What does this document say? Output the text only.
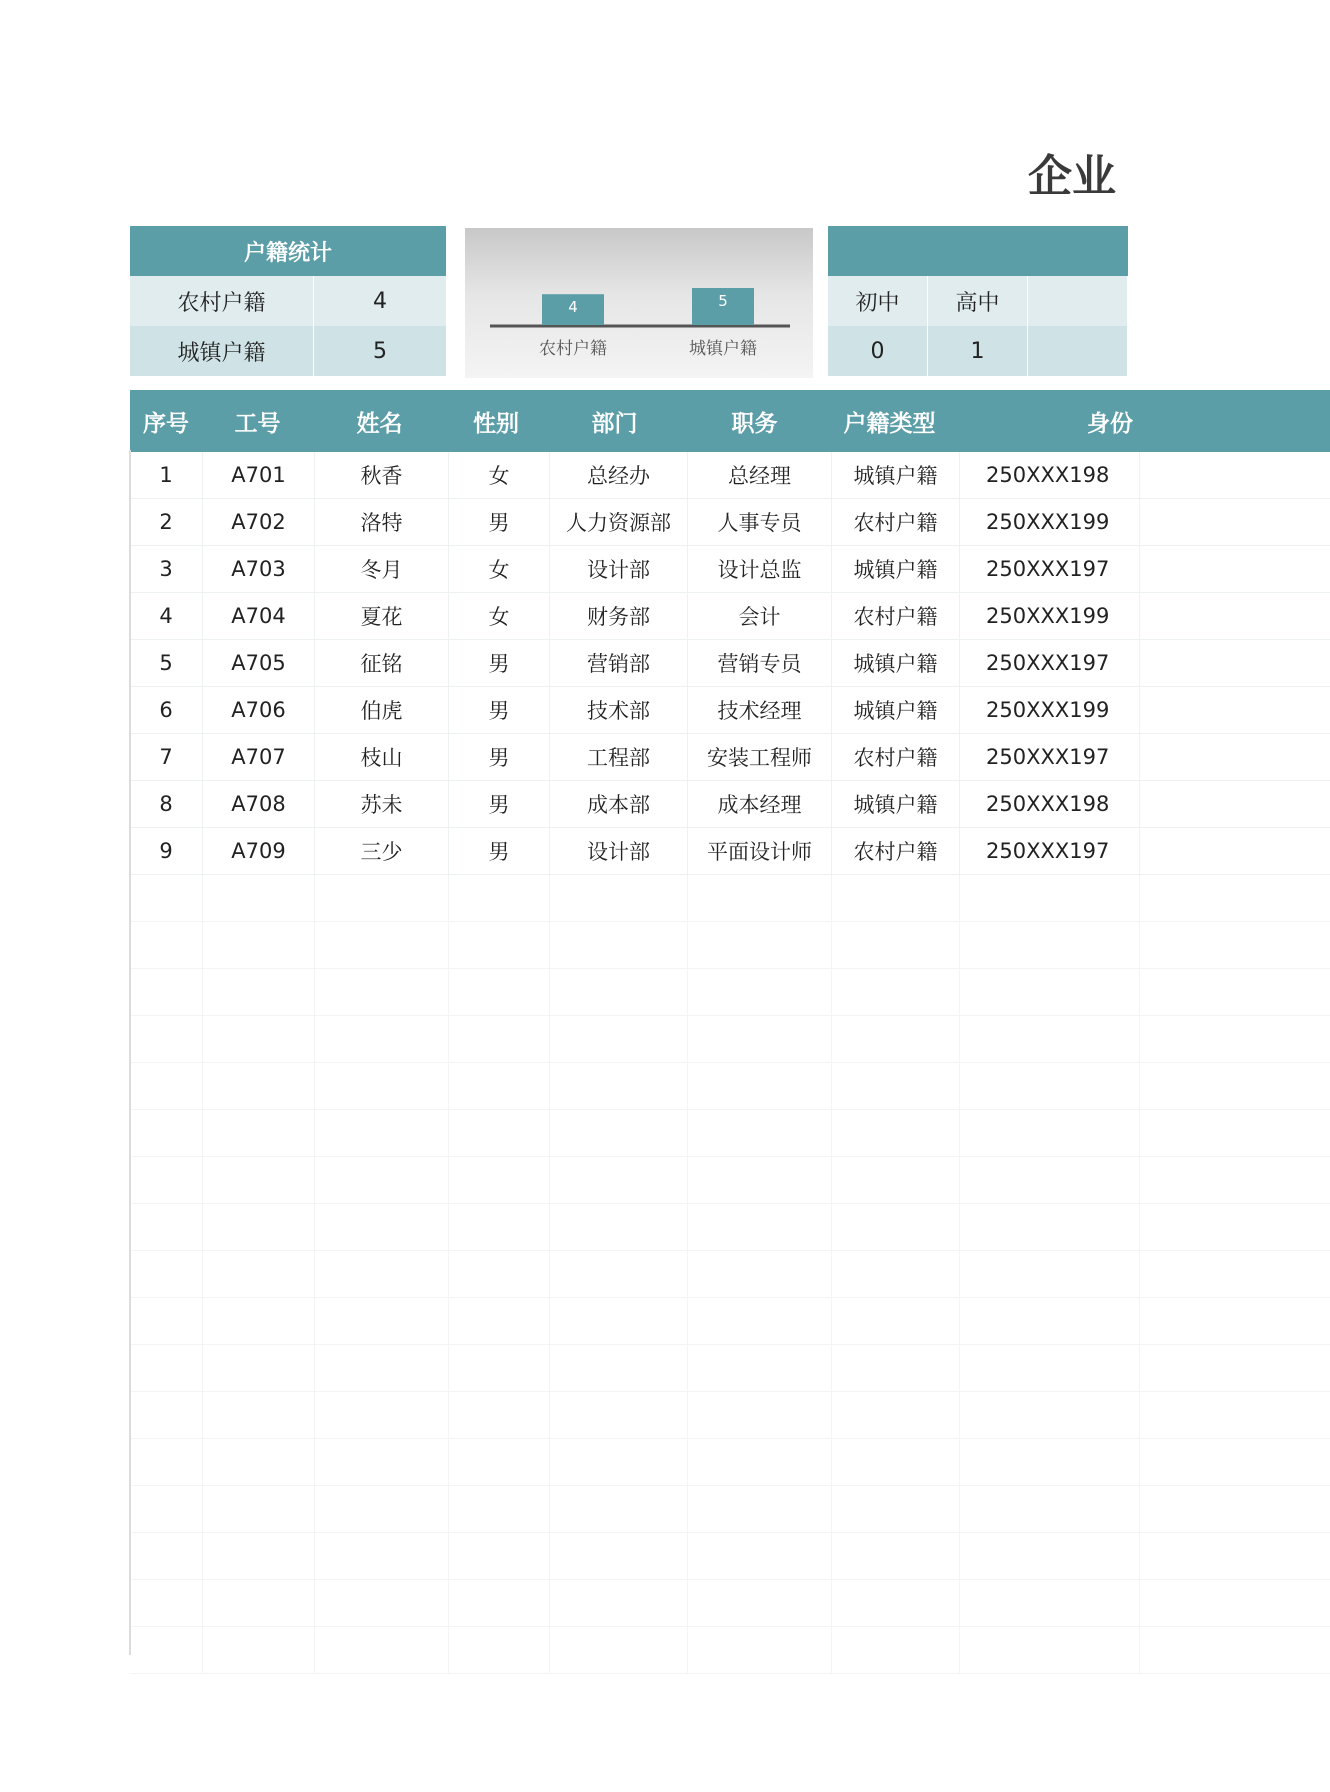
企业
户籍统计
农村户籍	4
城镇户籍	5
4
农村户籍
5
城镇户籍
初中	高中
0	1
序号	工号	姓名	性别	部门	职务	户籍类型	身份
1	A701	秋香	女	总经办	总经理	城镇户籍	250XXX198
2	A702	洛特	男	人力资源部	人事专员	农村户籍	250XXX199
3	A703	冬月	女	设计部	设计总监	城镇户籍	250XXX197
4	A704	夏花	女	财务部	会计	农村户籍	250XXX199
5	A705	征铭	男	营销部	营销专员	城镇户籍	250XXX197
6	A706	伯虎	男	技术部	技术经理	城镇户籍	250XXX199
7	A707	枝山	男	工程部	安装工程师	农村户籍	250XXX197
8	A708	苏未	男	成本部	成本经理	城镇户籍	250XXX198
9	A709	三少	男	设计部	平面设计师	农村户籍	250XXX197
